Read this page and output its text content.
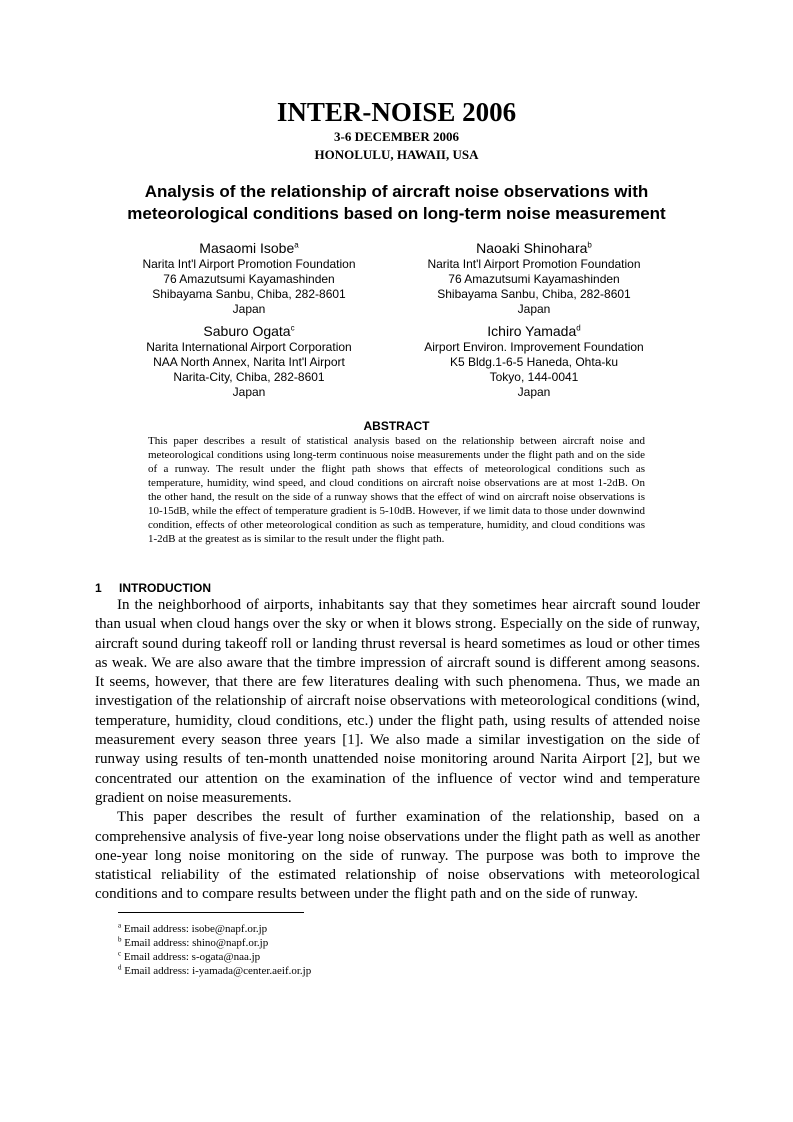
INTER-NOISE 2006
3-6 DECEMBER 2006
HONOLULU, HAWAII, USA
Analysis of the relationship of aircraft noise observations with
meteorological conditions based on long-term noise measurement
Masaomi Isobe$^a$
Narita Int'l Airport Promotion Foundation
76 Amazutsumi Kayamashinden
Shibayama Sanbu, Chiba, 282-8601
Japan
Naoaki Shinohara$^b$
Narita Int'l Airport Promotion Foundation
76 Amazutsumi Kayamashinden
Shibayama Sanbu, Chiba, 282-8601
Japan
Saburo Ogata$^c$
Narita International Airport Corporation
NAA North Annex, Narita Int'l Airport
Narita-City, Chiba, 282-8601
Japan
Ichiro Yamada$^d$
Airport Environ. Improvement Foundation
K5 Bldg.1-6-5 Haneda, Ohta-ku
Tokyo, 144-0041
Japan
ABSTRACT

This paper describes a result of statistical analysis based on the relationship between aircraft noise and meteorological conditions using long-term continuous noise measurements under the flight path and on the side of a runway. The result under the flight path shows that effects of meteorological conditions such as temperature, humidity, wind speed, and cloud conditions on aircraft noise observations are at most 1-2dB. On the other hand, the result on the side of a runway shows that the effect of wind on aircraft noise observations is 10-15dB, while the effect of temperature gradient is 5-10dB. However, if we limit data to those under downwind condition, effects of other meteorological condition as such as temperature, humidity, and cloud conditions was 1-2dB at the greatest as is similar to the result under the flight path.

1 INTRODUCTION

In the neighborhood of airports, inhabitants say that they sometimes hear aircraft sound louder than usual when cloud hangs over the sky or when it blows strong. Especially on the side of runway, aircraft sound during takeoff roll or landing thrust reversal is heard sometimes as loud or other times as weak. We are also aware that the timbre impression of aircraft sound is different among seasons. It seems, however, that there are few literatures dealing with such phenomena. Thus, we made an investigation of the relationship of aircraft noise observations with meteorological conditions (wind, temperature, humidity, cloud conditions, etc.) under the flight path, using results of attended noise measurement every season three years [1]. We also made a similar investigation on the side of runway using results of ten-month unattended noise monitoring around Narita Airport [2], but we concentrated our attention on the examination of the influence of vector wind and temperature gradient on noise measurements.

This paper describes the result of further examination of the relationship, based on a comprehensive analysis of five-year long noise observations under the flight path as well as another one-year long noise monitoring on the side of runway. The purpose was both to improve the statistical reliability of the estimated relationship of noise observations with meteorological conditions and to compare results between under the flight path and on the side of runway.

$^a$ Email address: isobe@napf.or.jp
$^b$ Email address: shino@napf.or.jp
$^c$ Email address: s-ogata@naa.jp
$^d$ Email address: i-yamada@center.aeif.or.jp
